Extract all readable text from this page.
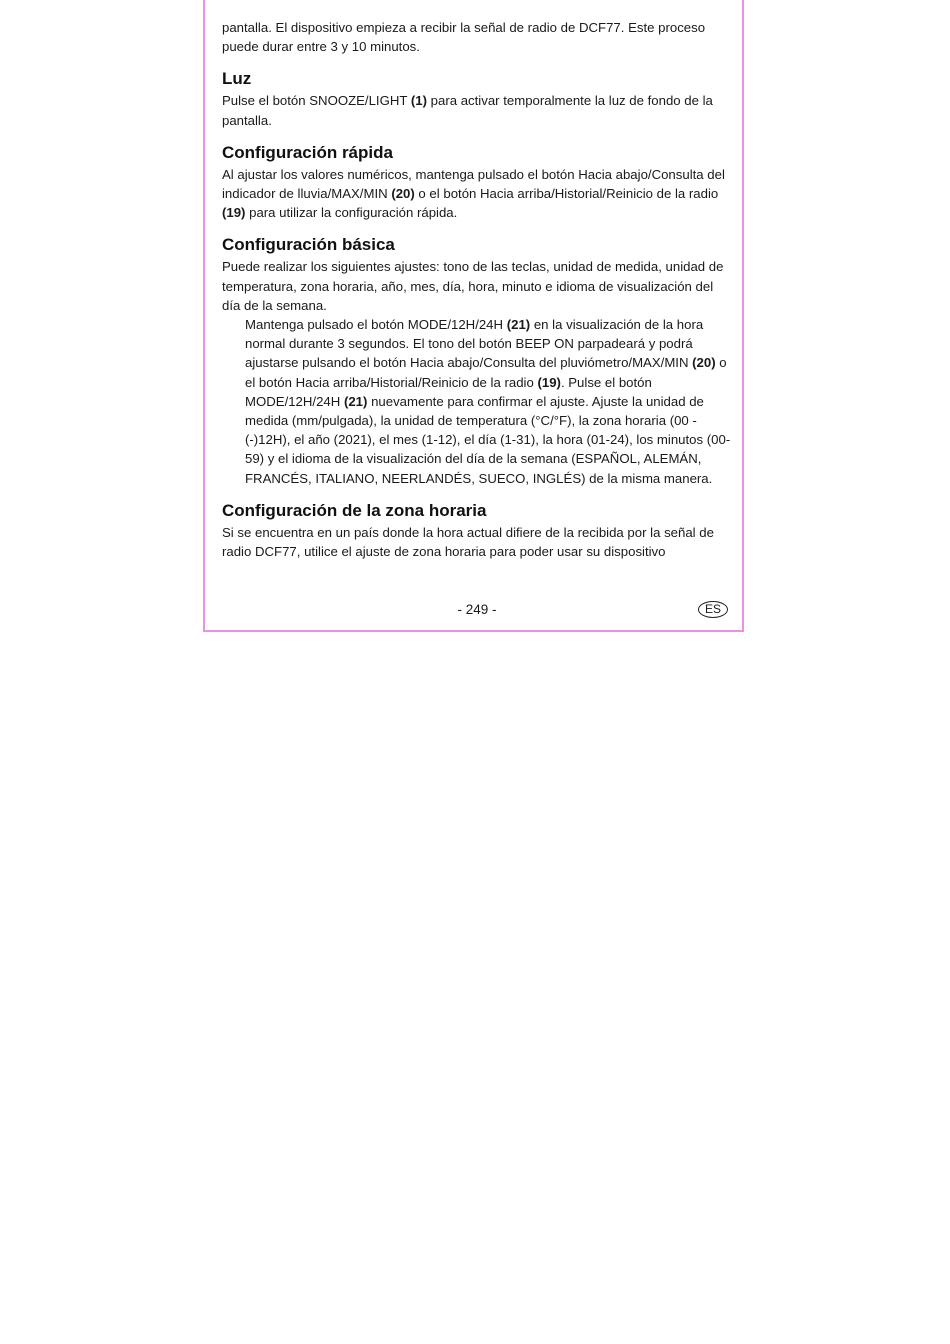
pantalla. El dispositivo empieza a recibir la señal de radio de DCF77. Este proceso puede durar entre 3 y 10 minutos.

Luz

Pulse el botón SNOOZE/LIGHT (1) para activar temporalmente la luz de fondo de la pantalla.

Configuración rápida

Al ajustar los valores numéricos, mantenga pulsado el botón Hacia abajo/Consulta del indicador de lluvia/MAX/MIN (20) o el botón Hacia arriba/Historial/Reinicio de la radio (19) para utilizar la configuración rápida.

Configuración básica

Puede realizar los siguientes ajustes: tono de las teclas, unidad de medida, unidad de temperatura, zona horaria, año, mes, día, hora, minuto e idioma de visualización del día de la semana.

Mantenga pulsado el botón MODE/12H/24H (21) en la visualización de la hora normal durante 3 segundos. El tono del botón BEEP ON parpadeará y podrá ajustarse pulsando el botón Hacia abajo/Consulta del pluviómetro/MAX/MIN (20) o el botón Hacia arriba/Historial/Reinicio de la radio (19). Pulse el botón MODE/12H/24H (21) nuevamente para confirmar el ajuste. Ajuste la unidad de medida (mm/pulgada), la unidad de temperatura (°C/°F), la zona horaria (00 - (-)12H), el año (2021), el mes (1-12), el día (1-31), la hora (01-24), los minutos (00-59) y el idioma de la visualización del día de la semana (ESPAÑOL, ALEMÁN, FRANCÉS, ITALIANO, NEERLANDÉS, SUECO, INGLÉS) de la misma manera.

Configuración de la zona horaria

Si se encuentra en un país donde la hora actual difiere de la recibida por la señal de radio DCF77, utilice el ajuste de zona horaria para poder usar su dispositivo

- 249 -	ES
